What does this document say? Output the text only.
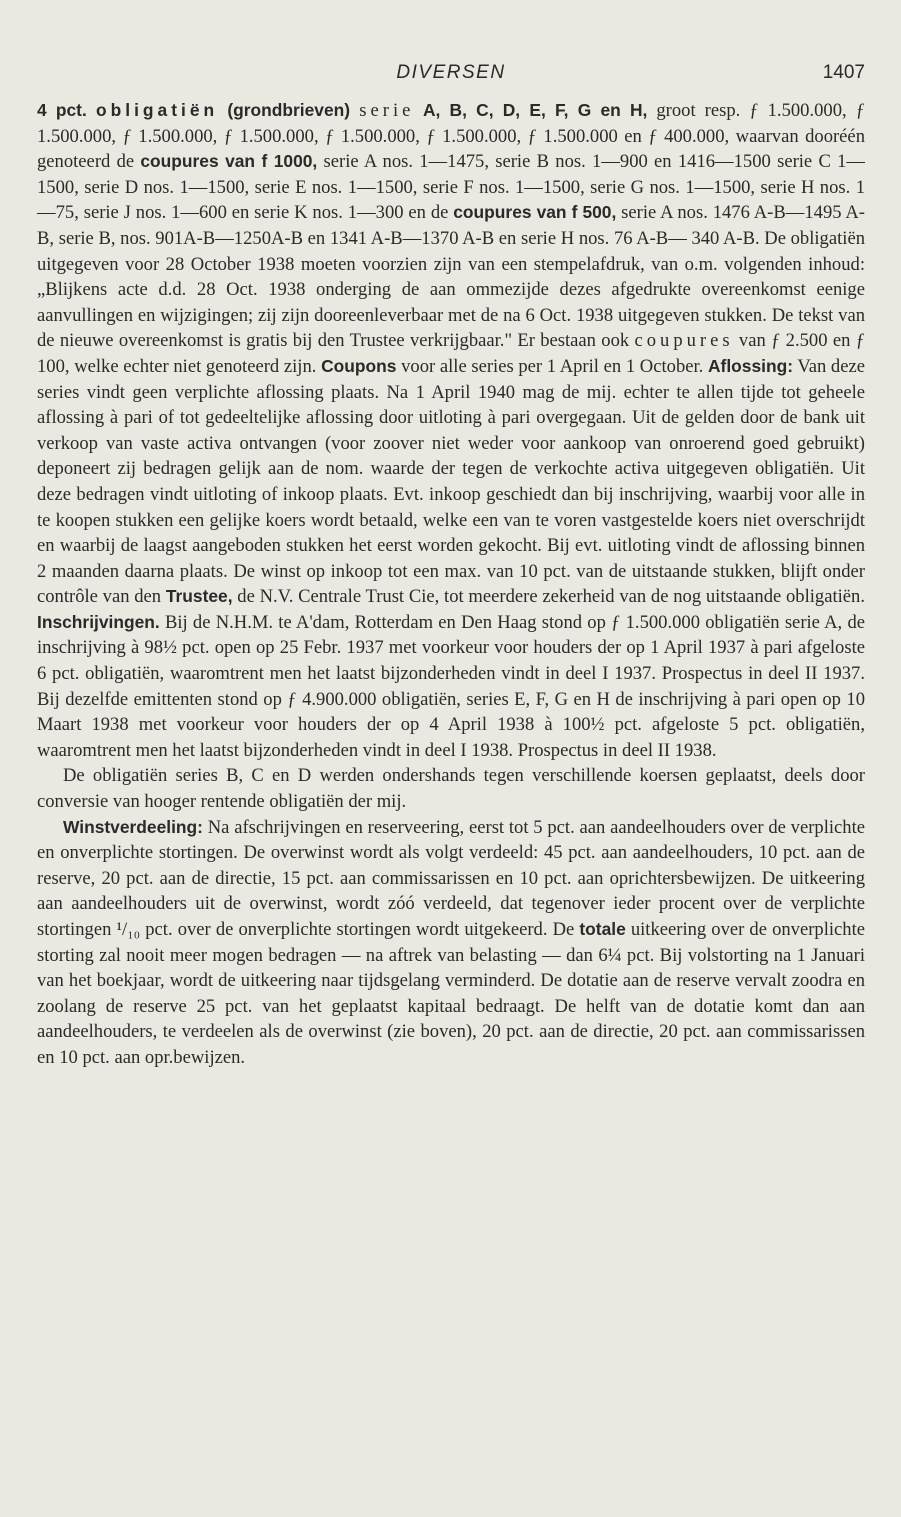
DIVERSEN	1407

4 pct. obligatiën (grondbrieven) serie A, B, C, D, E, F, G en H, groot resp. ƒ 1.500.000, ƒ 1.500.000, ƒ 1.500.000, ƒ 1.500.000, ƒ 1.500.000, ƒ 1.500.000, ƒ 1.500.000 en ƒ 400.000, waarvan dooréén genoteerd de coupures van f 1000, serie A nos. 1—1475, serie B nos. 1—900 en 1416—1500 serie C 1—1500, serie D nos. 1—1500, serie E nos. 1—1500, serie F nos. 1—1500, serie G nos. 1—1500, serie H nos. 1—75, serie J nos. 1—600 en serie K nos. 1—300 en de coupures van f 500, serie A nos. 1476 A-B—1495 A-B, serie B, nos. 901A-B—1250A-B en 1341 A-B—1370 A-B en serie H nos. 76 A-B— 340 A-B. De obligatiën uitgegeven voor 28 October 1938 moeten voorzien zijn van een stempelafdruk, van o.m. volgenden inhoud: „Blijkens acte d.d. 28 Oct. 1938 onderging de aan ommezijde dezes afgedrukte overeenkomst eenige aanvullingen en wijzigingen; zij zijn dooreenleverbaar met de na 6 Oct. 1938 uitgegeven stukken. De tekst van de nieuwe overeenkomst is gratis bij den Trustee verkrijgbaar." Er bestaan ook coupures van ƒ 2.500 en ƒ 100, welke echter niet genoteerd zijn. Coupons voor alle series per 1 April en 1 October. Aflossing: Van deze series vindt geen verplichte aflossing plaats. Na 1 April 1940 mag de mij. echter te allen tijde tot geheele aflossing à pari of tot gedeeltelijke aflossing door uitloting à pari overgegaan. Uit de gelden door de bank uit verkoop van vaste activa ontvangen (voor zoover niet weder voor aankoop van onroerend goed gebruikt) deponeert zij bedragen gelijk aan de nom. waarde der tegen de verkochte activa uitgegeven obligatiën. Uit deze bedragen vindt uitloting of inkoop plaats. Evt. inkoop geschiedt dan bij inschrijving, waarbij voor alle in te koopen stukken een gelijke koers wordt betaald, welke een van te voren vastgestelde koers niet overschrijdt en waarbij de laagst aangeboden stukken het eerst worden gekocht. Bij evt. uitloting vindt de aflossing binnen 2 maanden daarna plaats. De winst op inkoop tot een max. van 10 pct. van de uitstaande stukken, blijft onder contrôle van den Trustee, de N.V. Centrale Trust Cie, tot meerdere zekerheid van de nog uitstaande obligatiën. Inschrijvingen. Bij de N.H.M. te A'dam, Rotterdam en Den Haag stond op ƒ 1.500.000 obligatiën serie A, de inschrijving à 98½ pct. open op 25 Febr. 1937 met voorkeur voor houders der op 1 April 1937 à pari afgeloste 6 pct. obligatiën, waaromtrent men het laatst bijzonderheden vindt in deel I 1937. Prospectus in deel II 1937. Bij dezelfde emittenten stond op ƒ 4.900.000 obligatiën, series E, F, G en H de inschrijving à pari open op 10 Maart 1938 met voorkeur voor houders der op 4 April 1938 à 100½ pct. afgeloste 5 pct. obligatiën, waaromtrent men het laatst bijzonderheden vindt in deel I 1938. Prospectus in deel II 1938.

De obligatiën series B, C en D werden ondershands tegen verschillende koersen geplaatst, deels door conversie van hooger rentende obligatiën der mij.

Winstverdeeling: Na afschrijvingen en reserveering, eerst tot 5 pct. aan aandeelhouders over de verplichte en onverplichte stortingen. De overwinst wordt als volgt verdeeld: 45 pct. aan aandeelhouders, 10 pct. aan de reserve, 20 pct. aan de directie, 15 pct. aan commissarissen en 10 pct. aan oprichtersbewijzen. De uitkeering aan aandeelhouders uit de overwinst, wordt zóó verdeeld, dat tegenover ieder procent over de verplichte stortingen ¹/₁₀ pct. over de onverplichte stortingen wordt uitgekeerd. De totale uitkeering over de onverplichte storting zal nooit meer mogen bedragen — na aftrek van belasting — dan 6¼ pct. Bij volstorting na 1 Januari van het boekjaar, wordt de uitkeering naar tijdsgelang verminderd. De dotatie aan de reserve vervalt zoodra en zoolang de reserve 25 pct. van het geplaatst kapitaal bedraagt. De helft van de dotatie komt dan aan aandeelhouders, te verdeelen als de overwinst (zie boven), 20 pct. aan de directie, 20 pct. aan commissarissen en 10 pct. aan opr.bewijzen.
